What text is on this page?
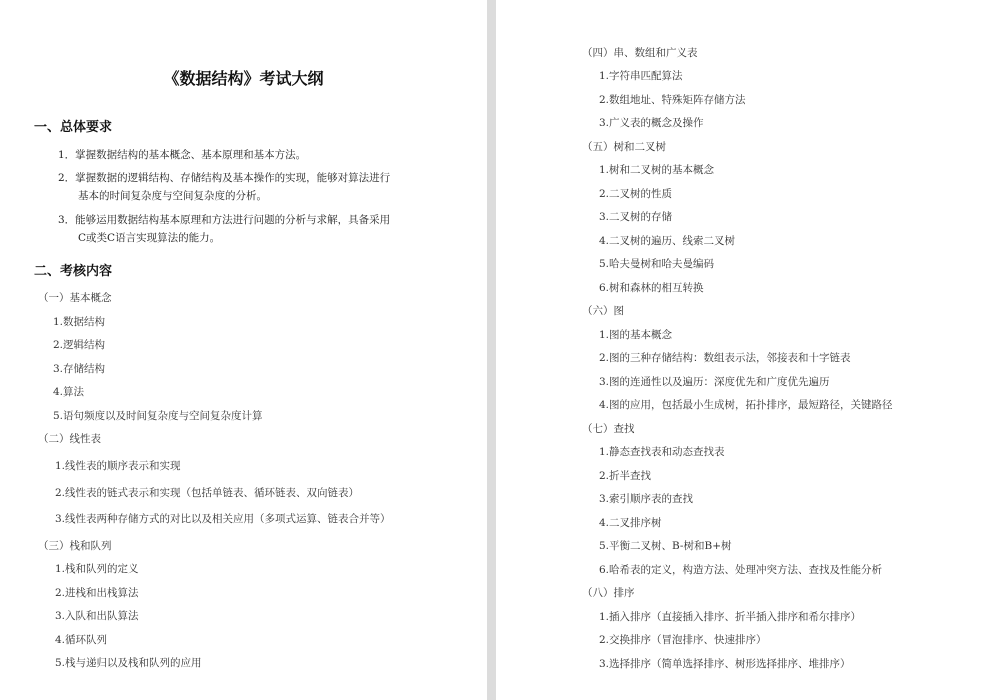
《数据结构》考试大纲
一、总体要求
1．掌握数据结构的基本概念、基本原理和基本方法。
2．掌握数据的逻辑结构、存储结构及基本操作的实现，能够对算法进行
基本的时间复杂度与空间复杂度的分析。
3．能够运用数据结构基本原理和方法进行问题的分析与求解，具备采用
C或类C语言实现算法的能力。
二、考核内容
（一）基本概念
1.数据结构
2.逻辑结构
3.存储结构
4.算法
5.语句频度以及时间复杂度与空间复杂度计算
（二）线性表
1.线性表的顺序表示和实现
2.线性表的链式表示和实现（包括单链表、循环链表、双向链表）
3.线性表两种存储方式的对比以及相关应用（多项式运算、链表合并等）
（三）栈和队列
1.栈和队列的定义
2.进栈和出栈算法
3.入队和出队算法
4.循环队列
5.栈与递归以及栈和队列的应用
（四）串、数组和广义表
1.字符串匹配算法
2.数组地址、特殊矩阵存储方法
3.广义表的概念及操作
（五）树和二叉树
1.树和二叉树的基本概念
2.二叉树的性质
3.二叉树的存储
4.二叉树的遍历、线索二叉树
5.哈夫曼树和哈夫曼编码
6.树和森林的相互转换
（六）图
1.图的基本概念
2.图的三种存储结构：数组表示法，邻接表和十字链表
3.图的连通性以及遍历：深度优先和广度优先遍历
4.图的应用，包括最小生成树，拓扑排序，最短路径，关键路径
（七）查找
1.静态查找表和动态查找表
2.折半查找
3.索引顺序表的查找
4.二叉排序树
5.平衡二叉树、B-树和B+树
6.哈希表的定义，构造方法、处理冲突方法、查找及性能分析
（八）排序
1.插入排序（直接插入排序、折半插入排序和希尔排序）
2.交换排序（冒泡排序、快速排序）
3.选择排序（简单选择排序、树形选择排序、堆排序）
